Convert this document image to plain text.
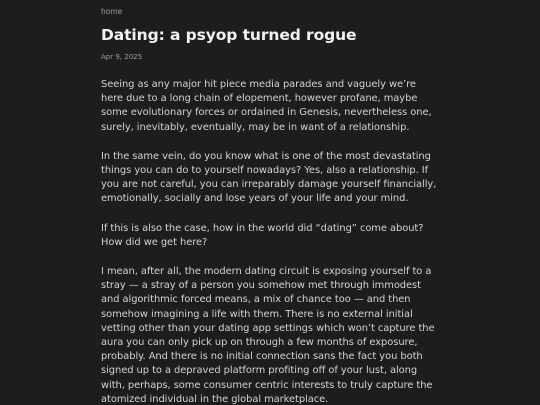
home
Dating: a psyop turned rogue
Apr 9, 2025

Seeing as any major hit piece media parades and vaguely we’re here due to a long chain of elopement, however profane, maybe some evolutionary forces or ordained in Genesis, nevertheless one, surely, inevitably, eventually, may be in want of a relationship.

In the same vein, do you know what is one of the most devastating things you can do to yourself nowadays? Yes, also a relationship. If you are not careful, you can irreparably damage yourself financially, emotionally, socially and lose years of your life and your mind.

If this is also the case, how in the world did “dating” come about? How did we get here?

I mean, after all, the modern dating circuit is exposing yourself to a stray — a stray of a person you somehow met through immodest and algorithmic forced means, a mix of chance too — and then somehow imagining a life with them. There is no external initial vetting other than your dating app settings which won’t capture the aura you can only pick up on through a few months of exposure, probably. And there is no initial connection sans the fact you both signed up to a depraved platform profiting off of your lust, along with, perhaps, some consumer centric interests to truly capture the atomized individual in the global marketplace.
